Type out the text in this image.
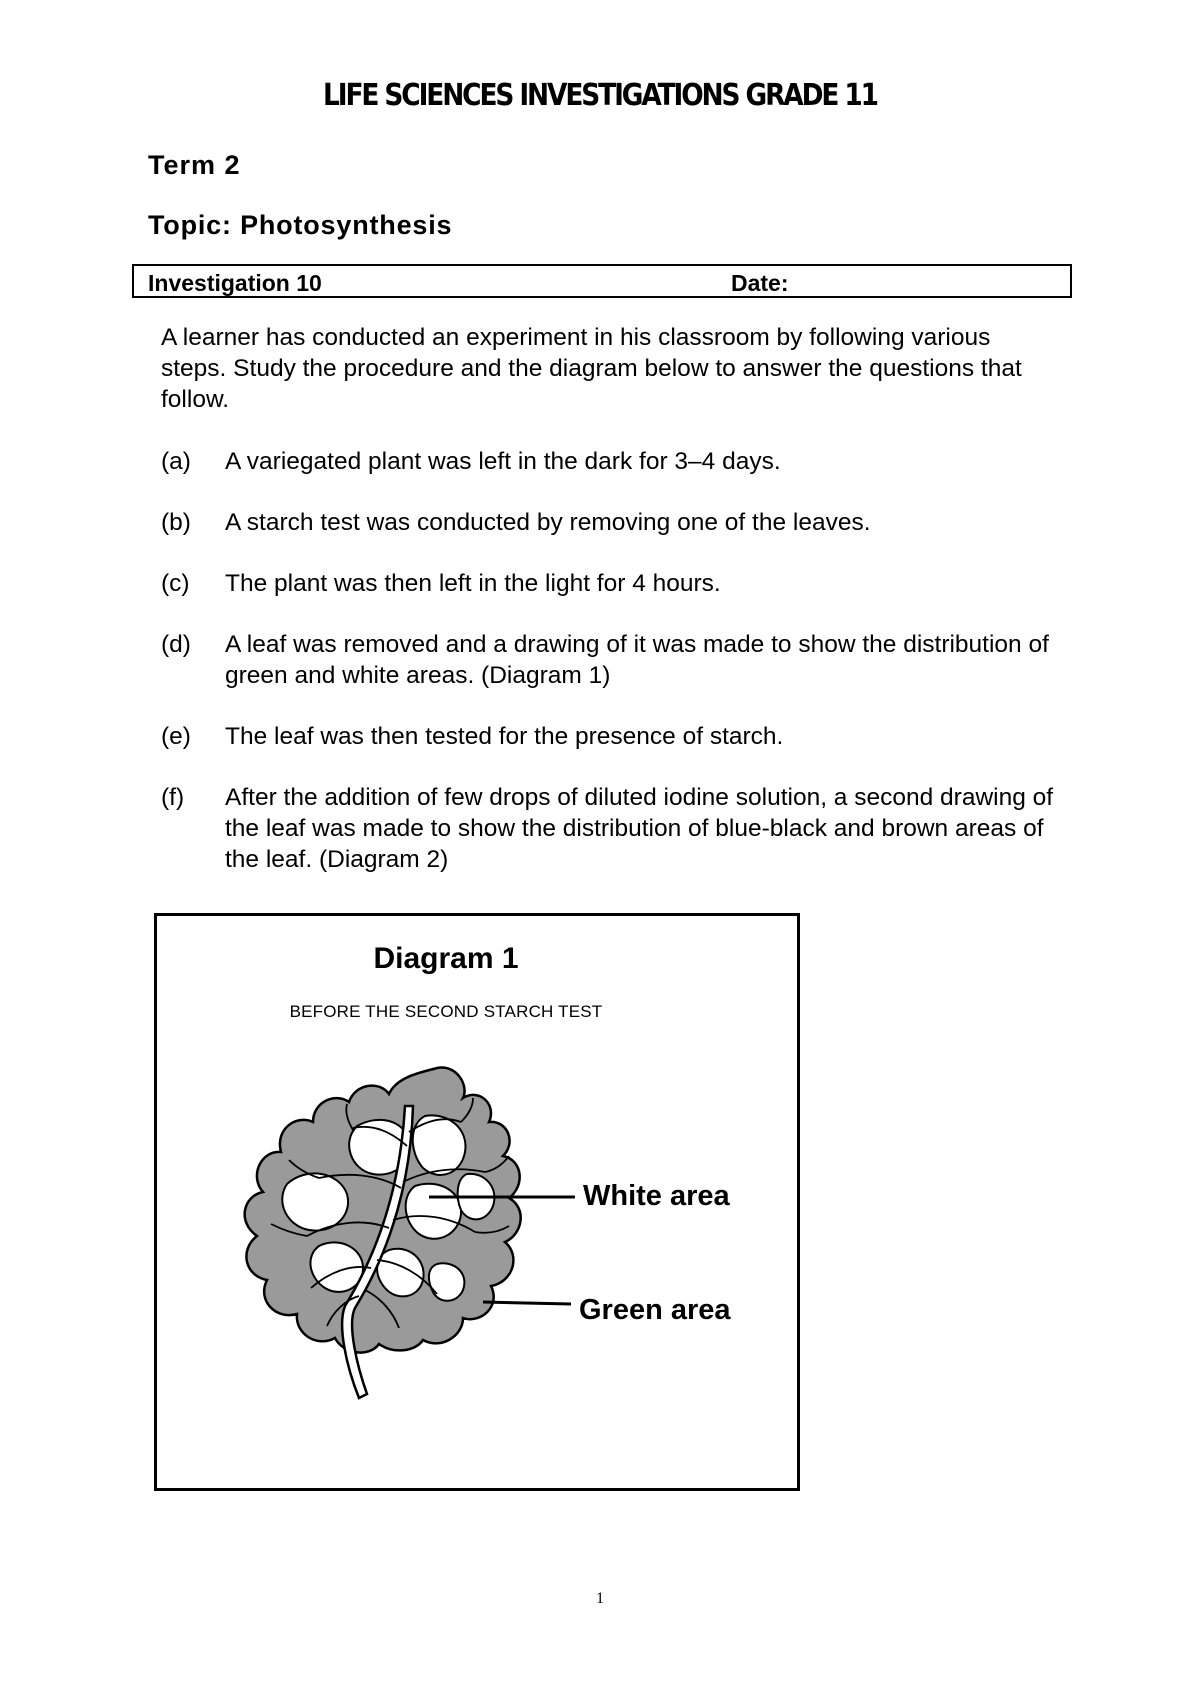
LIFE SCIENCES INVESTIGATIONS GRADE 11
Term 2
Topic: Photosynthesis
Investigation 10	Date:
A learner has conducted an experiment in his classroom by following various steps. Study the procedure and the diagram below to answer the questions that follow.
(a) A variegated plant was left in the dark for 3–4 days.
(b) A starch test was conducted by removing one of the leaves.
(c) The plant was then left in the light for 4 hours.
(d) A leaf was removed and a drawing of it was made to show the distribution of green and white areas. (Diagram 1)
(e) The leaf was then tested for the presence of starch.
(f) After the addition of few drops of diluted iodine solution, a second drawing of the leaf was made to show the distribution of blue-black and brown areas of the leaf. (Diagram 2)
Diagram 1
BEFORE THE SECOND STARCH TEST
White area
Green area
1
